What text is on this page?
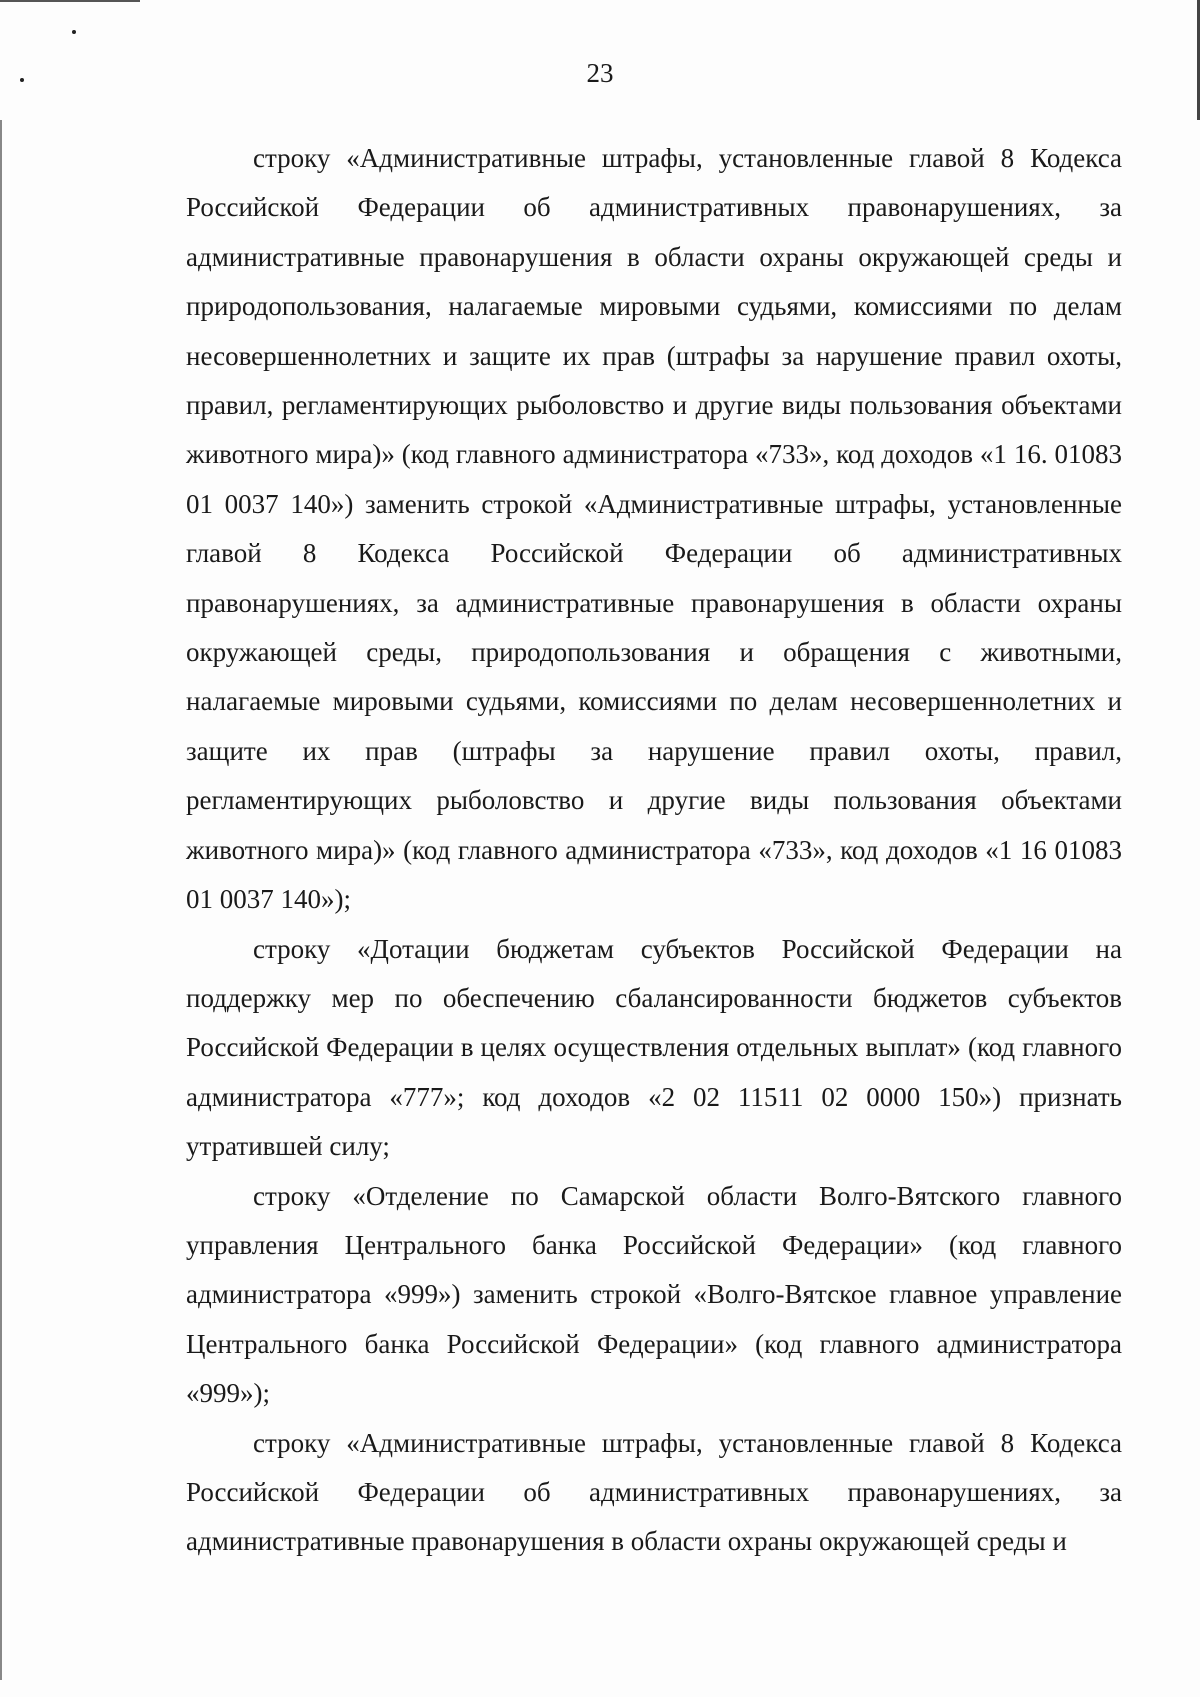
23

строку «Административные штрафы, установленные главой 8 Кодекса Российской Федерации об административных правонарушениях, за административные правонарушения в области охраны окружающей среды и природопользования, налагаемые мировыми судьями, комиссиями по делам несовершеннолетних и защите их прав (штрафы за нарушение правил охоты, правил, регламентирующих рыболовство и другие виды пользования объектами животного мира)» (код главного администратора «733», код доходов «1 16. 01083 01 0037 140») заменить строкой «Административные штрафы, установленные главой 8 Кодекса Российской Федерации об административных правонарушениях, за административные правонарушения в области охраны окружающей среды, природопользования и обращения с животными, налагаемые мировыми судьями, комиссиями по делам несовершеннолетних и защите их прав (штрафы за нарушение правил охоты, правил, регламентирующих рыболовство и другие виды пользования объектами животного мира)» (код главного администратора «733», код доходов «1 16 01083 01 0037 140»);

строку «Дотации бюджетам субъектов Российской Федерации на поддержку мер по обеспечению сбалансированности бюджетов субъектов Российской Федерации в целях осуществления отдельных выплат» (код главного администратора «777»; код доходов «2 02 11511 02 0000 150») признать утратившей силу;

строку «Отделение по Самарской области Волго-Вятского главного управления Центрального банка Российской Федерации» (код главного администратора «999») заменить строкой «Волго-Вятское главное управление Центрального банка Российской Федерации» (код главного администратора «999»);

строку «Административные штрафы, установленные главой 8 Кодекса Российской Федерации об административных правонарушениях, за административные правонарушения в области охраны окружающей среды и
